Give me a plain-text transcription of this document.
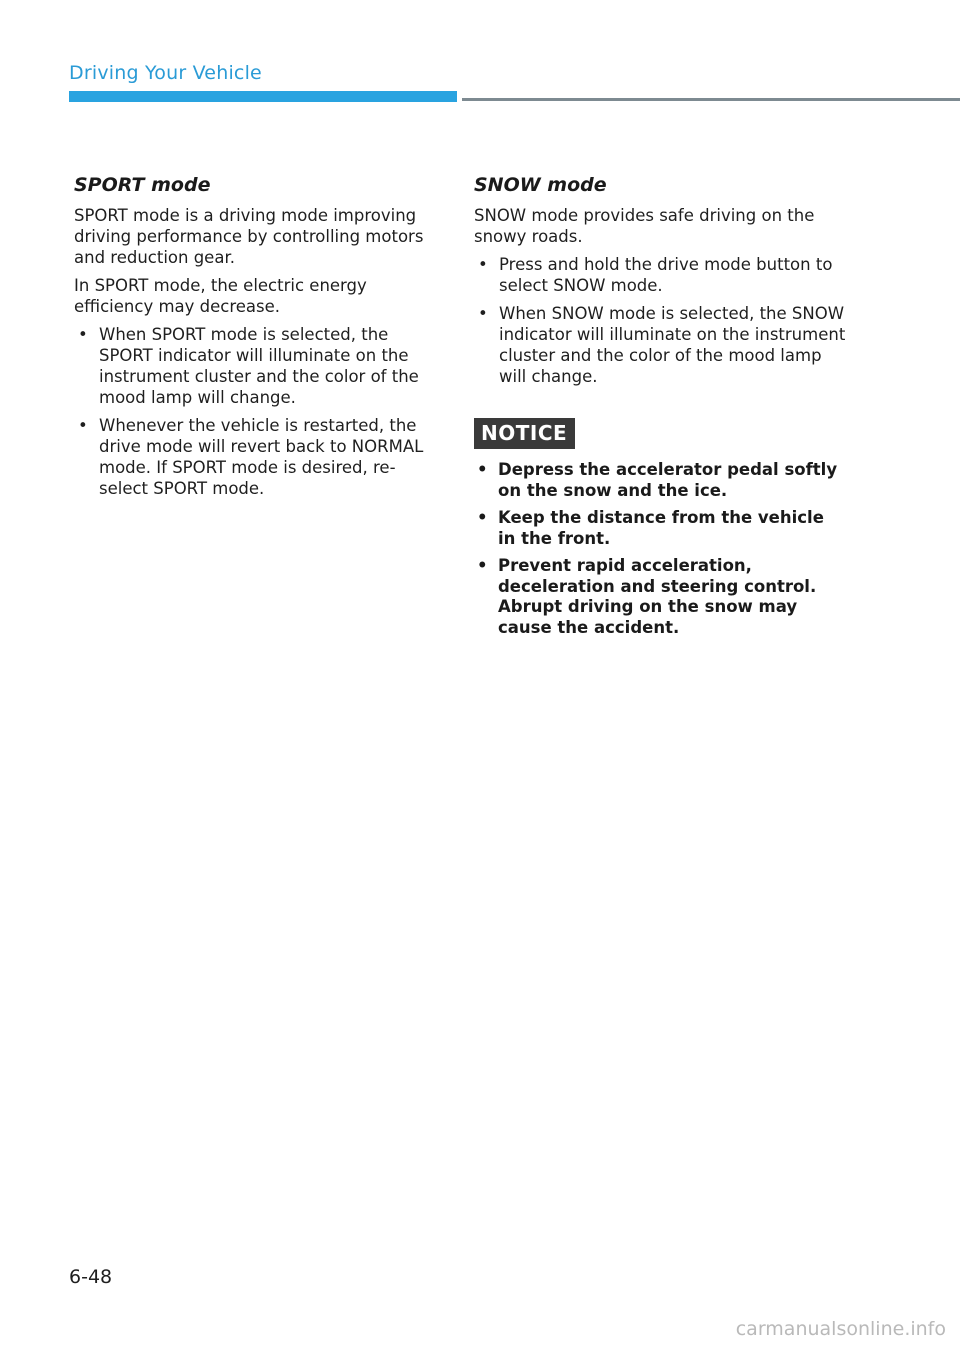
Driving Your Vehicle
SPORT mode

SPORT mode is a driving mode improving driving performance by controlling motors and reduction gear.

In SPORT mode, the electric energy efficiency may decrease.

• When SPORT mode is selected, the SPORT indicator will illuminate on the instrument cluster and the color of the mood lamp will change.
• Whenever the vehicle is restarted, the drive mode will revert back to NORMAL mode. If SPORT mode is desired, re-select SPORT mode.
SNOW mode

SNOW mode provides safe driving on the snowy roads.

• Press and hold the drive mode button to select SNOW mode.
• When SNOW mode is selected, the SNOW indicator will illuminate on the instrument cluster and the color of the mood lamp will change.
NOTICE
• Depress the accelerator pedal softly on the snow and the ice.
• Keep the distance from the vehicle in the front.
• Prevent rapid acceleration, deceleration and steering control. Abrupt driving on the snow may cause the accident.
6-48
carmanualsonline.info
